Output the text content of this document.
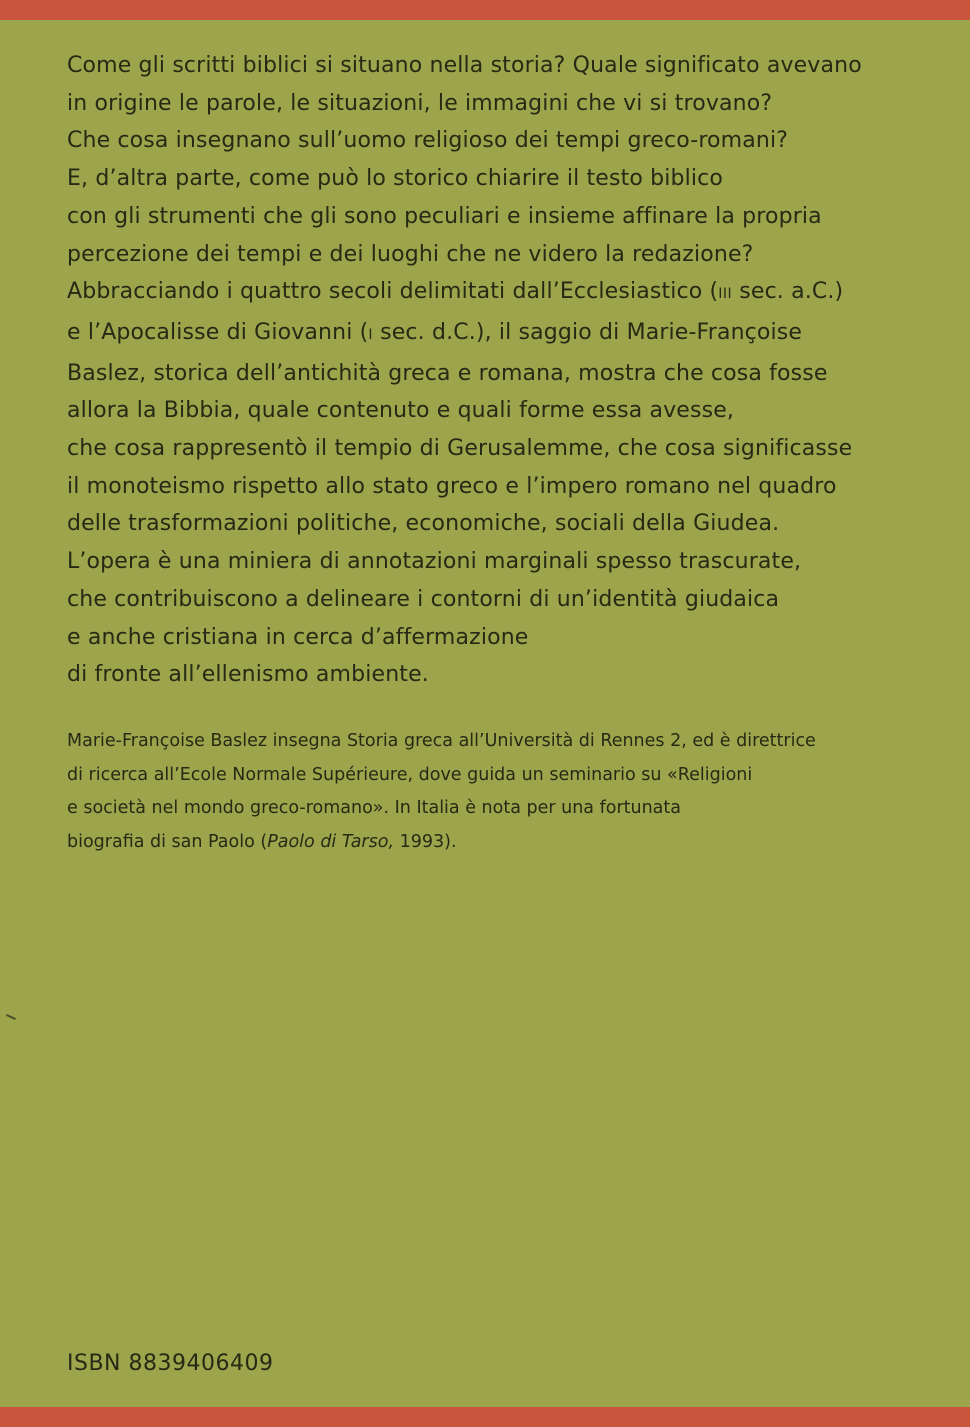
Come gli scritti biblici si situano nella storia? Quale significato avevano
in origine le parole, le situazioni, le immagini che vi si trovano?
Che cosa insegnano sull’uomo religioso dei tempi greco-romani?
E, d’altra parte, come può lo storico chiarire il testo biblico
con gli strumenti che gli sono peculiari e insieme affinare la propria
percezione dei tempi e dei luoghi che ne videro la redazione?
Abbracciando i quattro secoli delimitati dall’Ecclesiastico (III sec. a.C.)
e l’Apocalisse di Giovanni (I sec. d.C.), il saggio di Marie-Françoise
Baslez, storica dell’antichità greca e romana, mostra che cosa fosse
allora la Bibbia, quale contenuto e quali forme essa avesse,
che cosa rappresentò il tempio di Gerusalemme, che cosa significasse
il monoteismo rispetto allo stato greco e l’impero romano nel quadro
delle trasformazioni politiche, economiche, sociali della Giudea.
L’opera è una miniera di annotazioni marginali spesso trascurate,
che contribuiscono a delineare i contorni di un’identità giudaica
e anche cristiana in cerca d’affermazione
di fronte all’ellenismo ambiente.
Marie-Françoise Baslez insegna Storia greca all’Università di Rennes 2, ed è direttrice
di ricerca all’Ecole Normale Supérieure, dove guida un seminario su «Religioni
e società nel mondo greco-romano». In Italia è nota per una fortunata
biografia di san Paolo (Paolo di Tarso, 1993).
ISBN 8839406409
